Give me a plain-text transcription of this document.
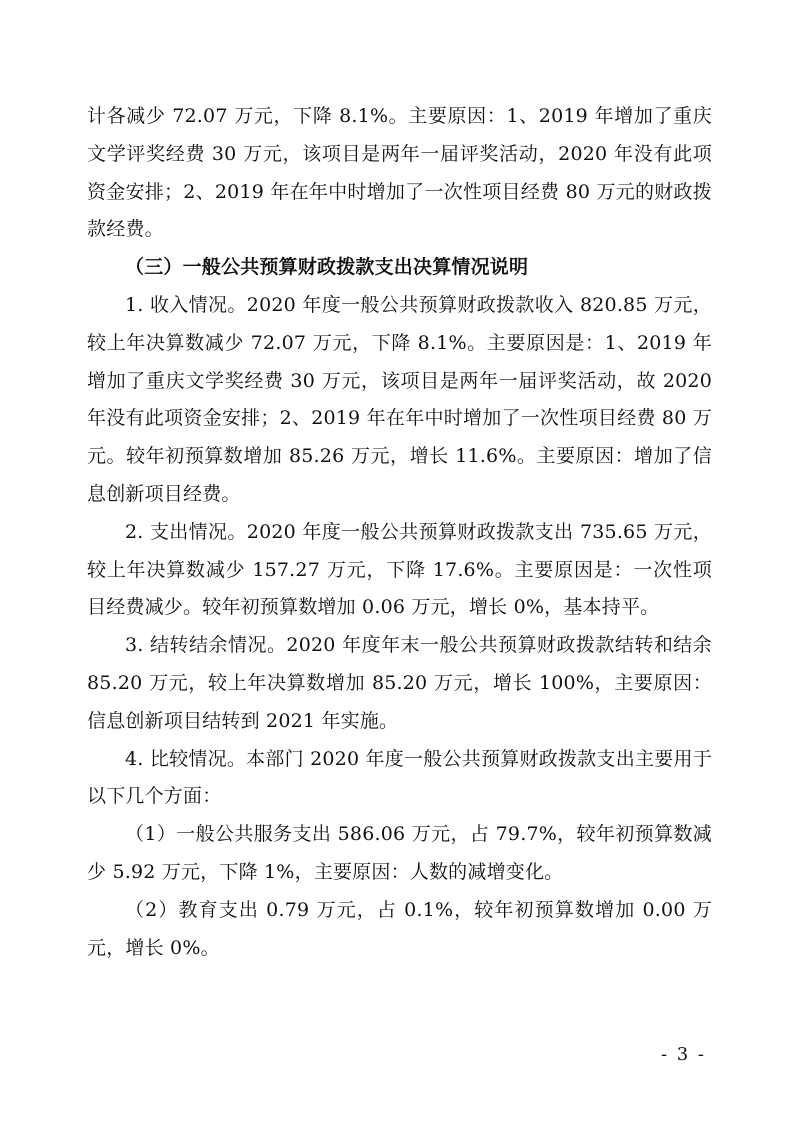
计各减少 72.07 万元，下降 8.1%。主要原因：1、2019 年增加了重庆文学评奖经费 30 万元，该项目是两年一届评奖活动，2020 年没有此项资金安排；2、2019 年在年中时增加了一次性项目经费 80 万元的财政拨款经费。

（三）一般公共预算财政拨款支出决算情况说明

1. 收入情况。2020 年度一般公共预算财政拨款收入 820.85 万元，较上年决算数减少 72.07 万元，下降 8.1%。主要原因是：1、2019 年增加了重庆文学奖经费 30 万元，该项目是两年一届评奖活动，故 2020 年没有此项资金安排；2、2019 年在年中时增加了一次性项目经费 80 万元。较年初预算数增加 85.26 万元，增长 11.6%。主要原因：增加了信息创新项目经费。

2. 支出情况。2020 年度一般公共预算财政拨款支出 735.65 万元，较上年决算数减少 157.27 万元，下降 17.6%。主要原因是：一次性项目经费减少。较年初预算数增加 0.06 万元，增长 0%，基本持平。

3. 结转结余情况。2020 年度年末一般公共预算财政拨款结转和结余 85.20 万元，较上年决算数增加 85.20 万元，增长 100%，主要原因：信息创新项目结转到 2021 年实施。

4. 比较情况。本部门 2020 年度一般公共预算财政拨款支出主要用于以下几个方面：

（1）一般公共服务支出 586.06 万元，占 79.7%，较年初预算数减少 5.92 万元，下降 1%，主要原因：人数的减增变化。

（2）教育支出 0.79 万元，占 0.1%，较年初预算数增加 0.00 万元，增长 0%。

- 3 -
